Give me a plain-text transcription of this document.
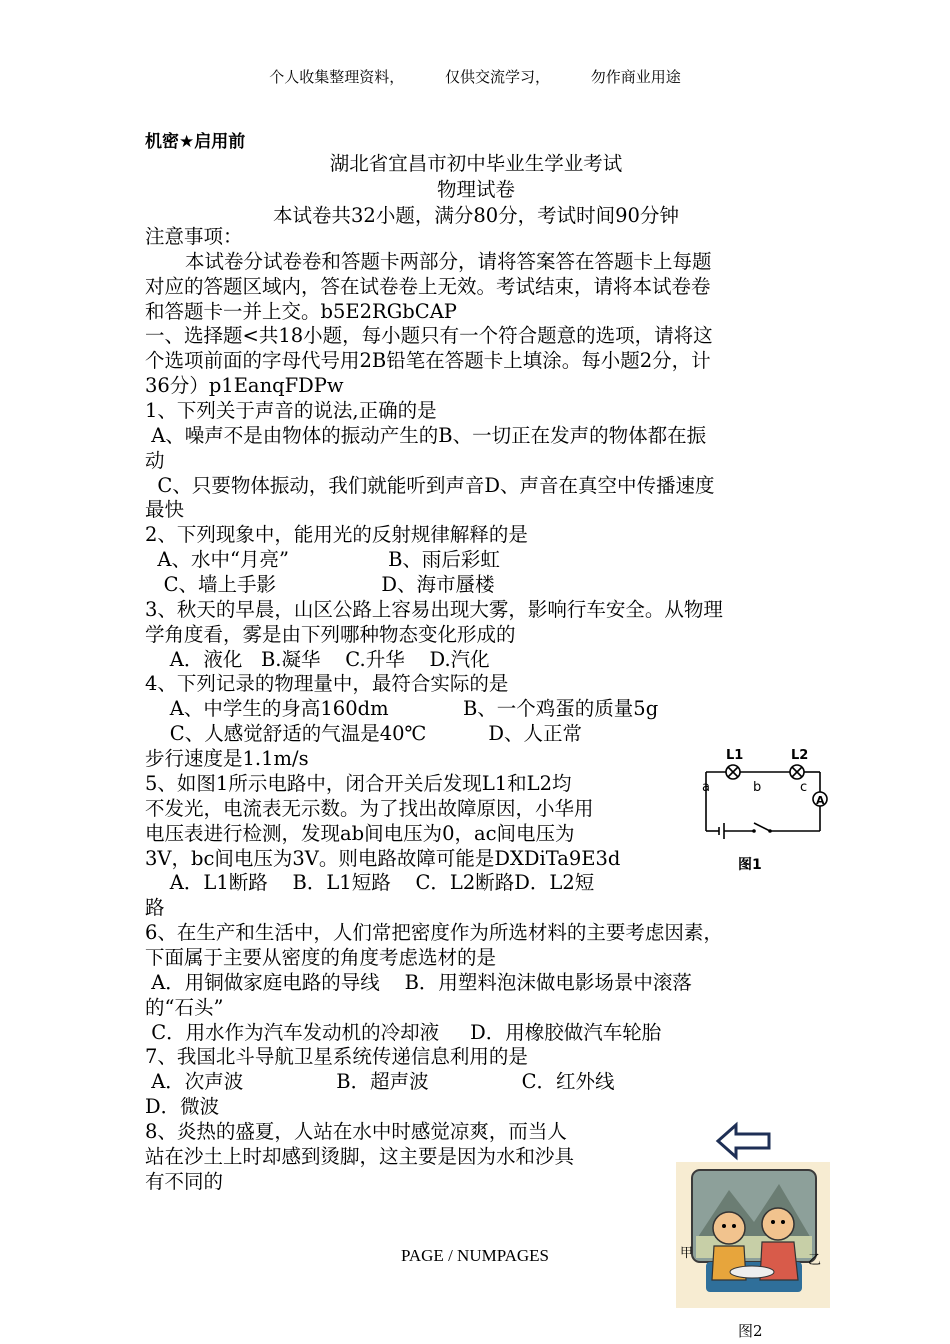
个人收集整理资料，	仅供交流学习，	勿作商业用途
机密★启用前
湖北省宜昌市初中毕业生学业考试
物理试卷
本试卷共32小题，满分80分，考试时间90分钟
注意事项：
本试卷分试卷卷和答题卡两部分，请将答案答在答题卡上每题
对应的答题区域内，答在试卷卷上无效。考试结束，请将本试卷卷
和答题卡一并上交。b5E2RGbCAP
一、选择题<共18小题，每小题只有一个符合题意的选项，请将这
个选项前面的字母代号用2B铅笔在答题卡上填涂。每小题2分，计
36分）p1EanqFDPw
1、下列关于声音的说法,正确的是
A、噪声不是由物体的振动产生的B、一切正在发声的物体都在振
动
C、只要物体振动，我们就能听到声音D、声音在真空中传播速度
最快
2、下列现象中，能用光的反射规律解释的是
A、水中“月亮”                B、雨后彩虹
C、墙上手影                 D、海市蜃楼
3、秋天的早晨，山区公路上容易出现大雾，影响行车安全。从物理
学角度看，雾是由下列哪种物态变化形成的
A．液化   B.凝华    C.升华    D.汽化
4、下列记录的物理量中，最符合实际的是
A、中学生的身高160dm            B、一个鸡蛋的质量5g
C、人感觉舒适的气温是40℃          D、人正常
步行速度是1.1m/s
5、如图1所示电路中，闭合开关后发现L1和L2均
不发光，电流表无示数。为了找出故障原因，小华用
电压表进行检测，发现ab间电压为0，ac间电压为
3V，bc间电压为3V。则电路故障可能是DXDiTa9E3d
A．L1断路    B．L1短路    C．L2断路D．L2短
路
6、在生产和生活中，人们常把密度作为所选材料的主要考虑因素，
下面属于主要从密度的角度考虑选材的是
A．用铜做家庭电路的导线    B．用塑料泡沫做电影场景中滚落
的“石头”
C．用水作为汽车发动机的冷却液     D．用橡胶做汽车轮胎
7、我国北斗导航卫星系统传递信息利用的是
A．次声波               B．超声波               C．红外线
D．微波
8、炎热的盛夏，人站在水中时感觉凉爽，而当人
站在沙土上时却感到烫脚，这主要是因为水和沙具
有不同的
L1	L2
a	b	c
A
图1
甲	乙
图2
PAGE / NUMPAGES
